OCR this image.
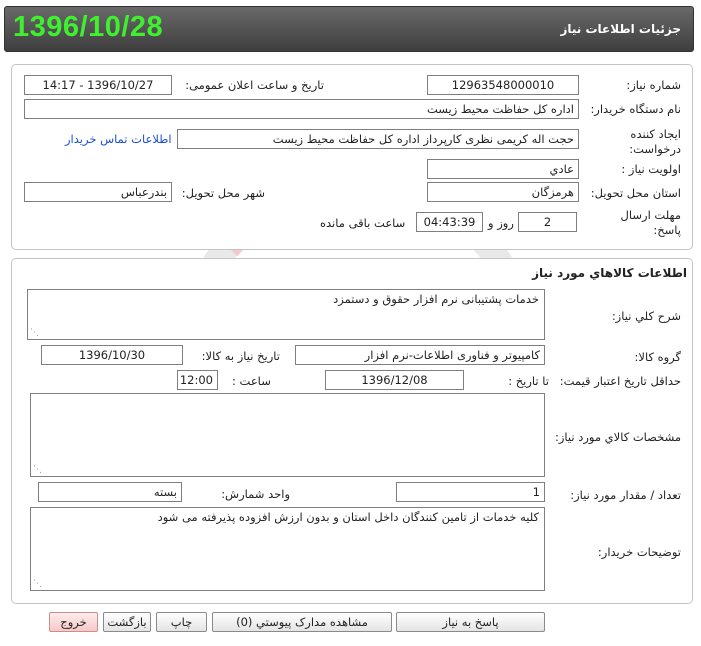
1396/10/28	جزئيات اطلاعات نياز
شماره نياز:
1296354800001‌0
تاريخ و ساعت اعلان عمومی:
1396/10/27 - 14:17
نام دستگاه خريدار:
اداره کل حفاظت محيط زيست
ايجاد کننده درخواست:
حجت اله کريمی نظری کارپرداز اداره کل حفاظت محيط زيست
اطلاعات تماس خريدار
اولويت نياز :
عادي
استان محل تحويل:
هرمزگان
شهر محل تحويل:
بندرعباس
مهلت ارسال پاسخ:
2
روز و
04:43:39
ساعت باقی مانده
اطلاعات کالاهاي مورد نياز
شرح کلي نياز:
خدمات پشتيبانی نرم افزار حقوق و دستمزد
⋰
گروه کالا:
کامپيوتر و فناوری اطلاعات-نرم افزار
تاريخ نياز به کالا:
1396/10/30
حداقل تاريخ اعتبار قيمت:
تا تاريخ :
1396/12/08
ساعت :
12:00
مشخصات کالاي مورد نياز:
⋰
تعداد / مقدار مورد نياز:
1
واحد شمارش:
بسته
توضيحات خريدار:
کليه خدمات از تامين کنندگان داخل استان و بدون ارزش افزوده پذيرفته می شود
⋰
پاسخ به نياز
مشاهده مدارک پيوستي (0)
چاپ
بازگشت
خروج
